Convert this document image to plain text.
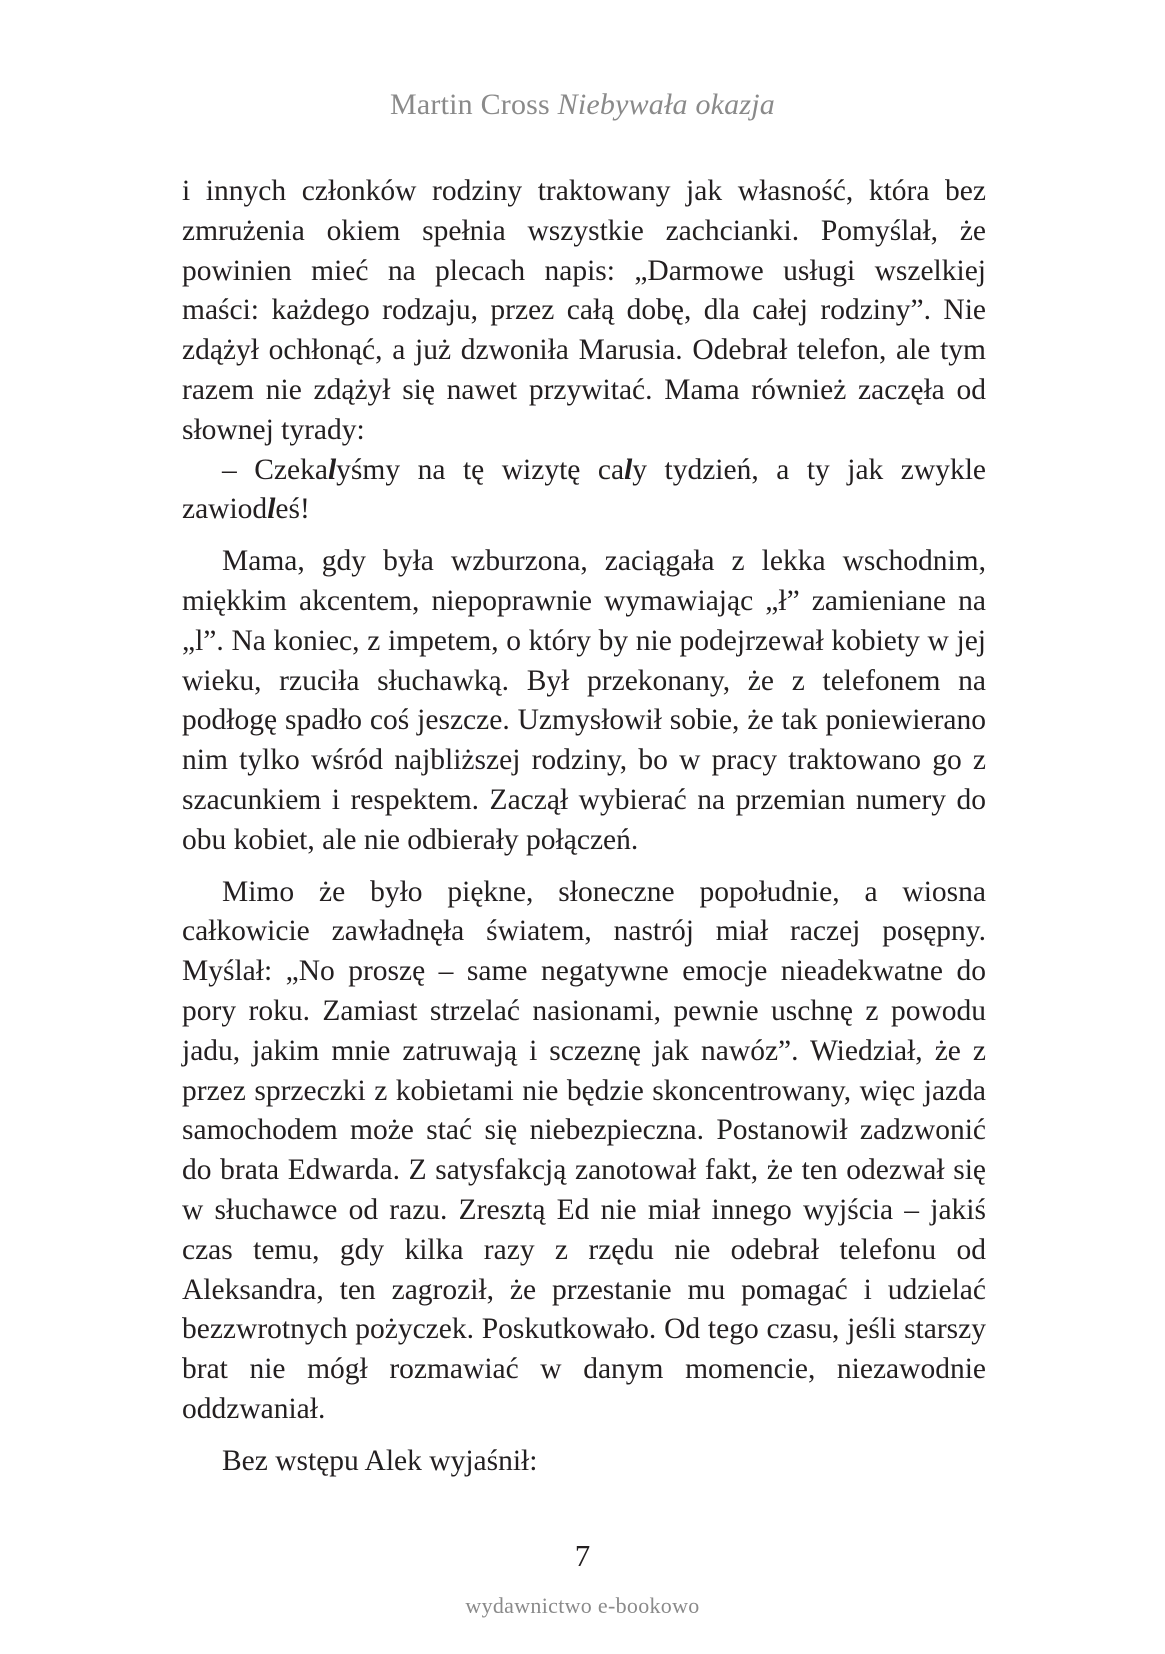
Martin Cross Niebywała okazja

i innych członków rodziny traktowany jak własność, która bez zmrużenia okiem spełnia wszystkie zachcianki. Pomyślał, że powinien mieć na plecach napis: „Darmowe usługi wszelkiej maści: każdego rodzaju, przez całą dobę, dla całej rodziny”. Nie zdążył ochłonąć, a już dzwoniła Marusia. Odebrał telefon, ale tym razem nie zdążył się nawet przywitać. Mama również zaczęła od słownej tyrady:

– Czekalyśmy na tę wizytę caly tydzień, a ty jak zwykle zawiodleś!

Mama, gdy była wzburzona, zaciągała z lekka wschodnim, miękkim akcentem, niepoprawnie wymawiając „ł” zamieniane na „l”. Na koniec, z impetem, o który by nie podejrzewał kobiety w jej wieku, rzuciła słuchawką. Był przekonany, że z telefonem na podłogę spadło coś jeszcze. Uzmysłowił sobie, że tak poniewierano nim tylko wśród najbliższej rodziny, bo w pracy traktowano go z szacunkiem i respektem. Zaczął wybierać na przemian numery do obu kobiet, ale nie odbierały połączeń.

Mimo że było piękne, słoneczne popołudnie, a wiosna całkowicie zawładnęła światem, nastrój miał raczej posępny. Myślał: „No proszę – same negatywne emocje nieadekwatne do pory roku. Zamiast strzelać nasionami, pewnie uschnę z powodu jadu, jakim mnie zatruwają i sczeznę jak nawóz”. Wiedział, że z przez sprzeczki z kobietami nie będzie skoncentrowany, więc jazda samochodem może stać się niebezpieczna. Postanowił zadzwonić do brata Edwarda. Z satysfakcją zanotował fakt, że ten odezwał się w słuchawce od razu. Zresztą Ed nie miał innego wyjścia – jakiś czas temu, gdy kilka razy z rzędu nie odebrał telefonu od Aleksandra, ten zagroził, że przestanie mu pomagać i udzielać bezzwrotnych pożyczek. Poskutkowało. Od tego czasu, jeśli starszy brat nie mógł rozmawiać w danym momencie, niezawodnie oddzwaniał.

Bez wstępu Alek wyjaśnił:

7
wydawnictwo e-bookowo
